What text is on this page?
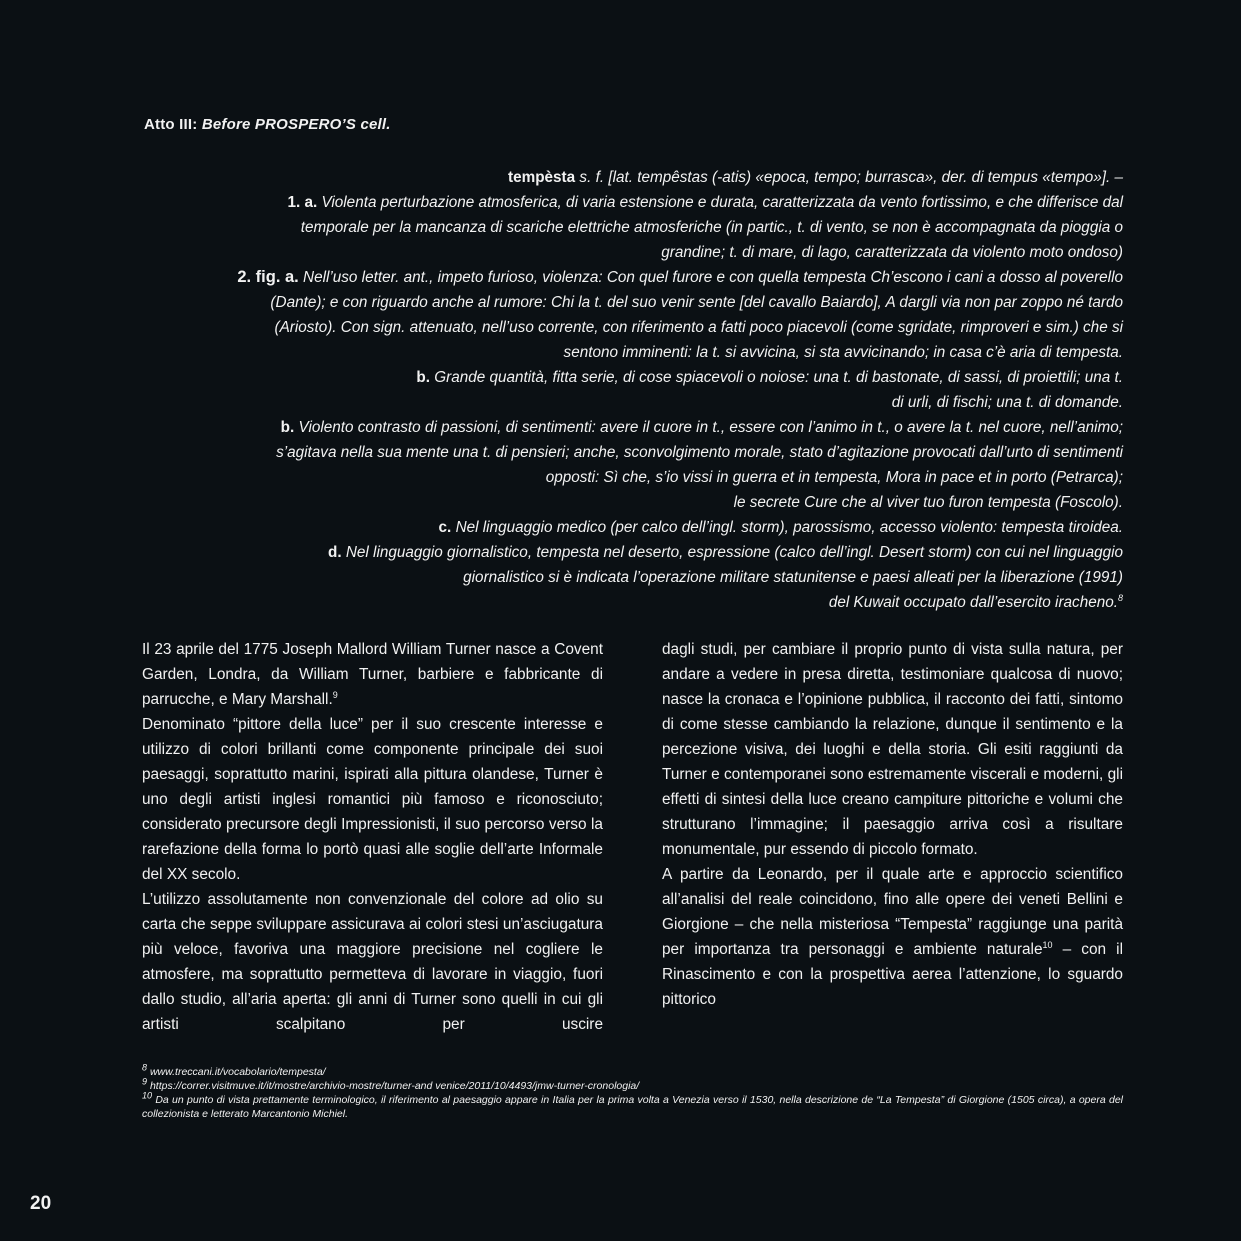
Atto III: Before PROSPERO’S cell.
tempèsta s. f. [lat. tempêstas (-atis) «epoca, tempo; burrasca», der. di tempus «tempo»]. –
1. a. Violenta perturbazione atmosferica, di varia estensione e durata, caratterizzata da vento fortissimo, e che differisce dal
temporale per la mancanza di scariche elettriche atmosferiche (in partic., t. di vento, se non è accompagnata da pioggia o
grandine; t. di mare, di lago, caratterizzata da violento moto ondoso)
2. fig. a. Nell’uso letter. ant., impeto furioso, violenza: Con quel furore e con quella tempesta Ch’escono i cani a dosso al poverello
(Dante); e con riguardo anche al rumore: Chi la t. del suo venir sente [del cavallo Baiardo], A dargli via non par zoppo né tardo
(Ariosto). Con sign. attenuato, nell’uso corrente, con riferimento a fatti poco piacevoli (come sgridate, rimproveri e sim.) che si
sentono imminenti: la t. si avvicina, si sta avvicinando; in casa c’è aria di tempesta.
b. Grande quantità, fitta serie, di cose spiacevoli o noiose: una t. di bastonate, di sassi, di proiettili; una t.
di urli, di fischi; una t. di domande.
b. Violento contrasto di passioni, di sentimenti: avere il cuore in t., essere con l’animo in t., o avere la t. nel cuore, nell’animo;
s’agitava nella sua mente una t. di pensieri; anche, sconvolgimento morale, stato d’agitazione provocati dall’urto di sentimenti
opposti: Sì che, s’io vissi in guerra et in tempesta, Mora in pace et in porto (Petrarca);
le secrete Cure che al viver tuo furon tempesta (Foscolo).
c. Nel linguaggio medico (per calco dell’ingl. storm), parossismo, accesso violento: tempesta tiroidea.
d. Nel linguaggio giornalistico, tempesta nel deserto, espressione (calco dell’ingl. Desert storm) con cui nel linguaggio
giornalistico si è indicata l’operazione militare statunitense e paesi alleati per la liberazione (1991)
del Kuwait occupato dall’esercito iracheno.$^8$

Il 23 aprile del 1775 Joseph Mallord William Turner nasce a Covent Garden, Londra, da William Turner, barbiere e fabbricante di parrucche, e Mary Marshall.$^9$

Denominato “pittore della luce” per il suo crescente interesse e utilizzo di colori brillanti come componente principale dei suoi paesaggi, soprattutto marini, ispirati alla pittura olandese, Turner è uno degli artisti inglesi romantici più famoso e riconosciuto; considerato precursore degli Impressionisti, il suo percorso verso la rarefazione della forma lo portò quasi alle soglie dell’arte Informale del XX secolo.

L’utilizzo assolutamente non convenzionale del colore ad olio su carta che seppe sviluppare assicurava ai colori stesi un’asciugatura più veloce, favoriva una maggiore precisione nel cogliere le atmosfere, ma soprattutto permetteva di lavorare in viaggio, fuori dallo studio, all’aria aperta: gli anni di Turner sono quelli in cui gli artisti scalpitano per uscire

dagli studi, per cambiare il proprio punto di vista sulla natura, per andare a vedere in presa diretta, testimoniare qualcosa di nuovo; nasce la cronaca e l’opinione pubblica, il racconto dei fatti, sintomo di come stesse cambiando la relazione, dunque il sentimento e la percezione visiva, dei luoghi e della storia. Gli esiti raggiunti da Turner e contemporanei sono estremamente viscerali e moderni, gli effetti di sintesi della luce creano campiture pittoriche e volumi che strutturano l’immagine; il paesaggio arriva così a risultare monumentale, pur essendo di piccolo formato.

A partire da Leonardo, per il quale arte e approccio scientifico all’analisi del reale coincidono, fino alle opere dei veneti Bellini e Giorgione – che nella misteriosa “Tempesta” raggiunge una parità per importanza tra personaggi e ambiente naturale$^{10}$ – con il Rinascimento e con la prospettiva aerea l’attenzione, lo sguardo pittorico

$^8$ www.treccani.it/vocabolario/tempesta/

$^9$ https://correr.visitmuve.it/it/mostre/archivio-mostre/turner-and venice/2011/10/4493/jmw-turner-cronologia/

$^{10}$ Da un punto di vista prettamente terminologico, il riferimento al paesaggio appare in Italia per la prima volta a Venezia verso il 1530, nella descrizione de “La Tempesta” di Giorgione (1505 circa), a opera del collezionista e letterato Marcantonio Michiel.

20
